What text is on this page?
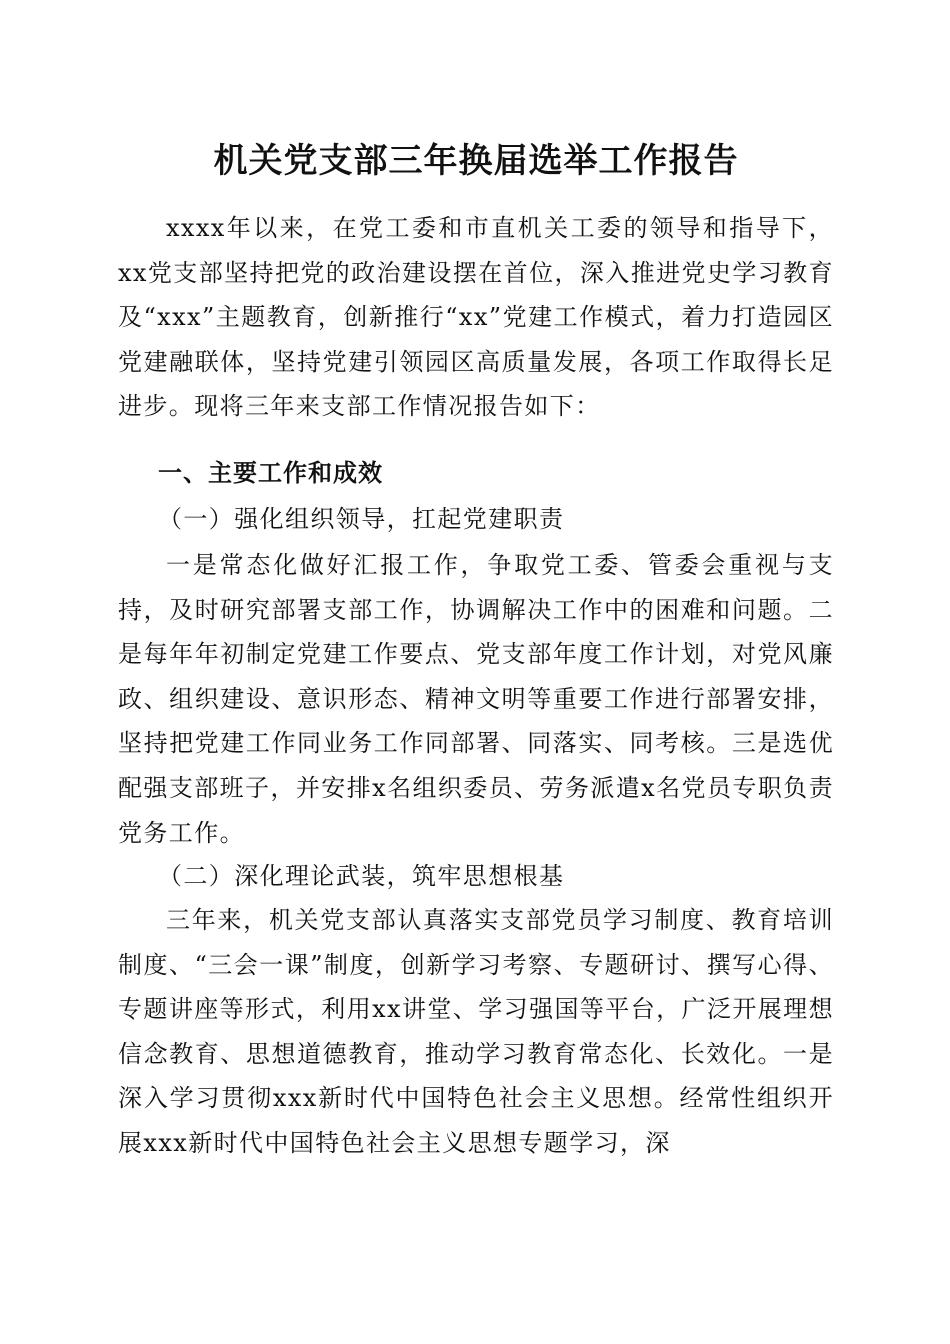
机关党支部三年换届选举工作报告

xxxx年以来，在党工委和市直机关工委的领导和指导下，xx党支部坚持把党的政治建设摆在首位，深入推进党史学习教育及“xxx”主题教育，创新推行“xx”党建工作模式，着力打造园区党建融联体，坚持党建引领园区高质量发展，各项工作取得长足进步。现将三年来支部工作情况报告如下：

一、主要工作和成效
（一）强化组织领导，扛起党建职责

一是常态化做好汇报工作，争取党工委、管委会重视与支持，及时研究部署支部工作，协调解决工作中的困难和问题。二是每年年初制定党建工作要点、党支部年度工作计划，对党风廉政、组织建设、意识形态、精神文明等重要工作进行部署安排，坚持把党建工作同业务工作同部署、同落实、同考核。三是选优配强支部班子，并安排x名组织委员、劳务派遣x名党员专职负责党务工作。

（二）深化理论武装，筑牢思想根基

三年来，机关党支部认真落实支部党员学习制度、教育培训制度、“三会一课”制度，创新学习考察、专题研讨、撰写心得、专题讲座等形式，利用xx讲堂、学习强国等平台，广泛开展理想信念教育、思想道德教育，推动学习教育常态化、长效化。一是深入学习贯彻xxx新时代中国特色社会主义思想。经常性组织开展xxx新时代中国特色社会主义思想专题学习，深
